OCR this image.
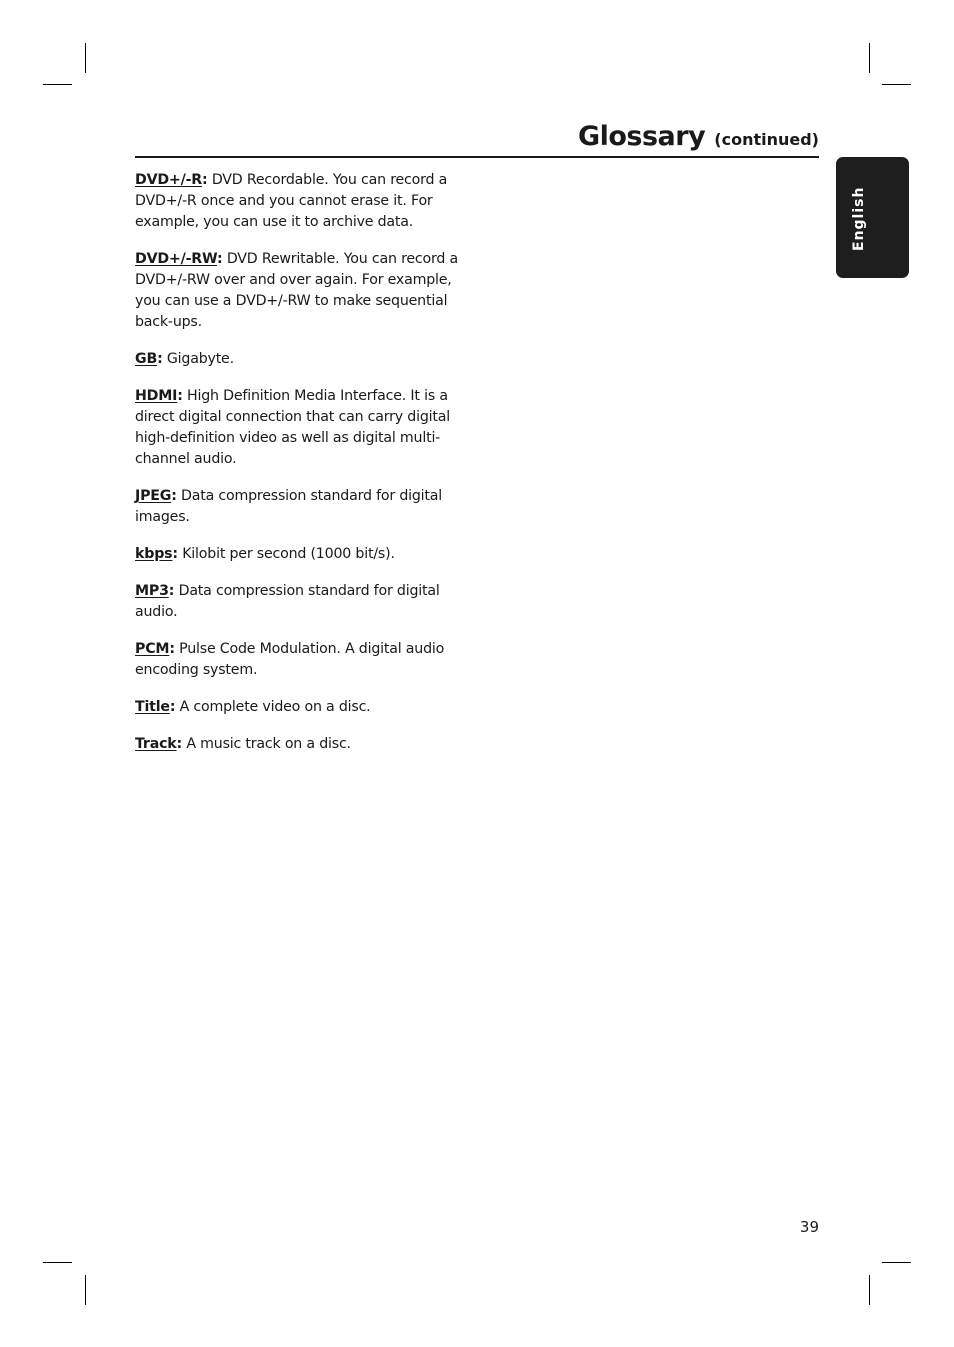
Glossary (continued)
English

DVD+/-R: DVD Recordable. You can record a DVD+/-R once and you cannot erase it. For example, you can use it to archive data.

DVD+/-RW: DVD Rewritable. You can record a DVD+/-RW over and over again. For example, you can use a DVD+/-RW to make sequential back-ups.

GB: Gigabyte.

HDMI: High Definition Media Interface. It is a direct digital connection that can carry digital high-definition video as well as digital multi-channel audio.

JPEG: Data compression standard for digital images.

kbps: Kilobit per second (1000 bit/s).

MP3: Data compression standard for digital audio.

PCM: Pulse Code Modulation. A digital audio encoding system.

Title: A complete video on a disc.

Track: A music track on a disc.

39
